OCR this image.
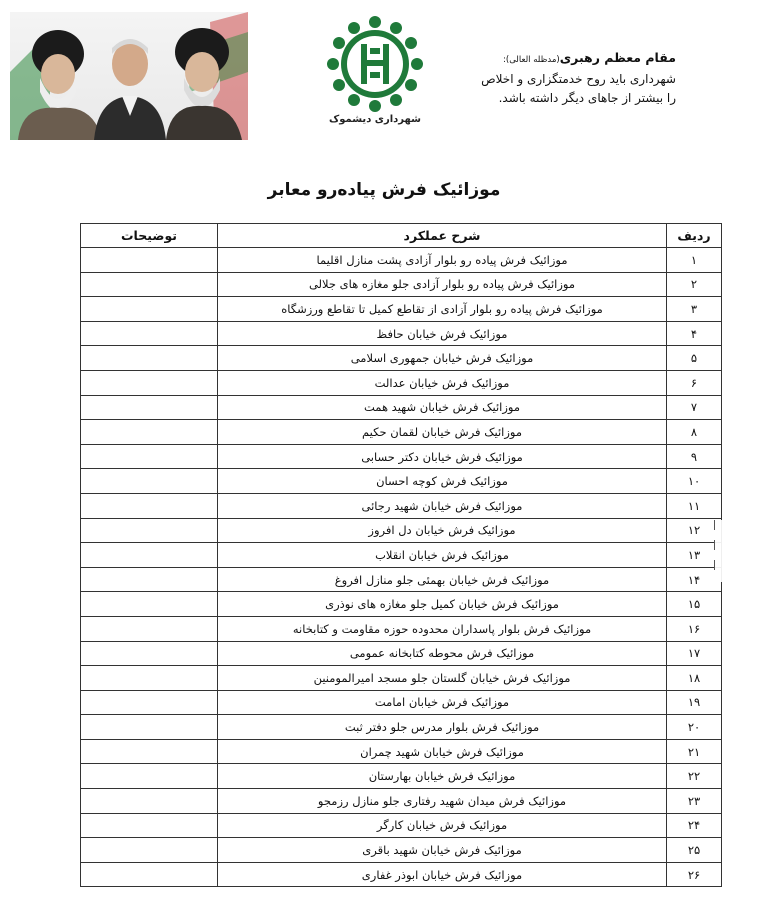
شهرداری دیشموک
مقام معظم رهبری(مدظله العالی):
شهرداری باید روح خدمتگزاری و اخلاص
را بیشتر از جاهای دیگر داشته باشد.
موزائیک فرش پیاده‌رو معابر
ردیف	شرح عملکرد	توضیحات
۱	موزائیک فرش پیاده رو بلوار آزادی پشت منازل اقلیما	
۲	موزائیک فرش پیاده رو بلوار آزادی جلو مغازه های جلالی	
۳	موزائیک فرش پیاده رو بلوار آزادی از تقاطع کمیل تا تقاطع ورزشگاه	
۴	موزائیک فرش خیابان حافظ	
۵	موزائیک فرش خیابان جمهوری اسلامی	
۶	موزائیک فرش خیابان عدالت	
۷	موزائیک فرش خیابان شهید همت	
۸	موزائیک فرش خیابان لقمان حکیم	
۹	موزائیک فرش خیابان دکتر حسابی	
۱۰	موزائیک فرش کوچه احسان	
۱۱	موزائیک فرش خیابان شهید رجائی	
۱۲	موزائیک فرش خیابان دل افروز	
۱۳	موزائیک فرش خیابان انقلاب	
۱۴	موزائیک فرش خیابان بهمئی جلو منازل افروغ	
۱۵	موزائیک فرش خیابان کمیل جلو مغازه های نوذری	
۱۶	موزائیک فرش بلوار پاسداران محدوده حوزه مقاومت و کتابخانه	
۱۷	موزائیک فرش محوطه کتابخانه عمومی	
۱۸	موزائیک فرش خیابان گلستان جلو مسجد امیرالمومنین	
۱۹	موزائیک فرش خیابان امامت	
۲۰	موزائیک فرش بلوار مدرس جلو دفتر ثبت	
۲۱	موزائیک فرش خیابان شهید چمران	
۲۲	موزائیک فرش خیابان بهارستان	
۲۳	موزائیک فرش میدان شهید رفتاری جلو منازل رزمجو	
۲۴	موزائیک فرش خیابان کارگر	
۲۵	موزائیک فرش خیابان شهید باقری	
۲۶	موزائیک فرش خیابان ابوذر غفاری	
